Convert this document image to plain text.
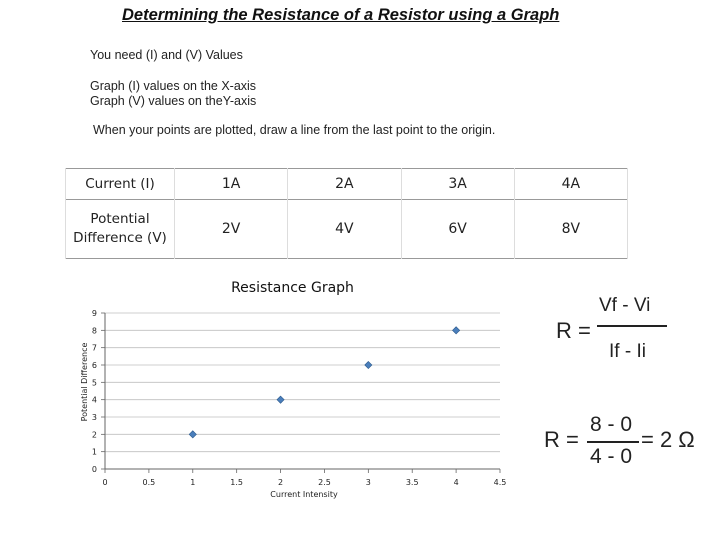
Determining the Resistance of a Resistor using a Graph
You need (I) and (V) Values
Graph (I) values on the X-axis
Graph (V) values on theY-axis
When your points are plotted, draw a line from the last point to the origin.
Current (I)	1A	2A	3A	4A
Potential Difference (V)	2V	4V	6V	8V
Resistance Graph
0
1
2
3
4
5
6
7
8
9
0	0.5	1	1.5	2	2.5	3	3.5	4	4.5
Current Intensity
Potential Difference
R =
Vf - Vi
If - Ii
R =
8 - 0
4 - 0
= 2 Ω
